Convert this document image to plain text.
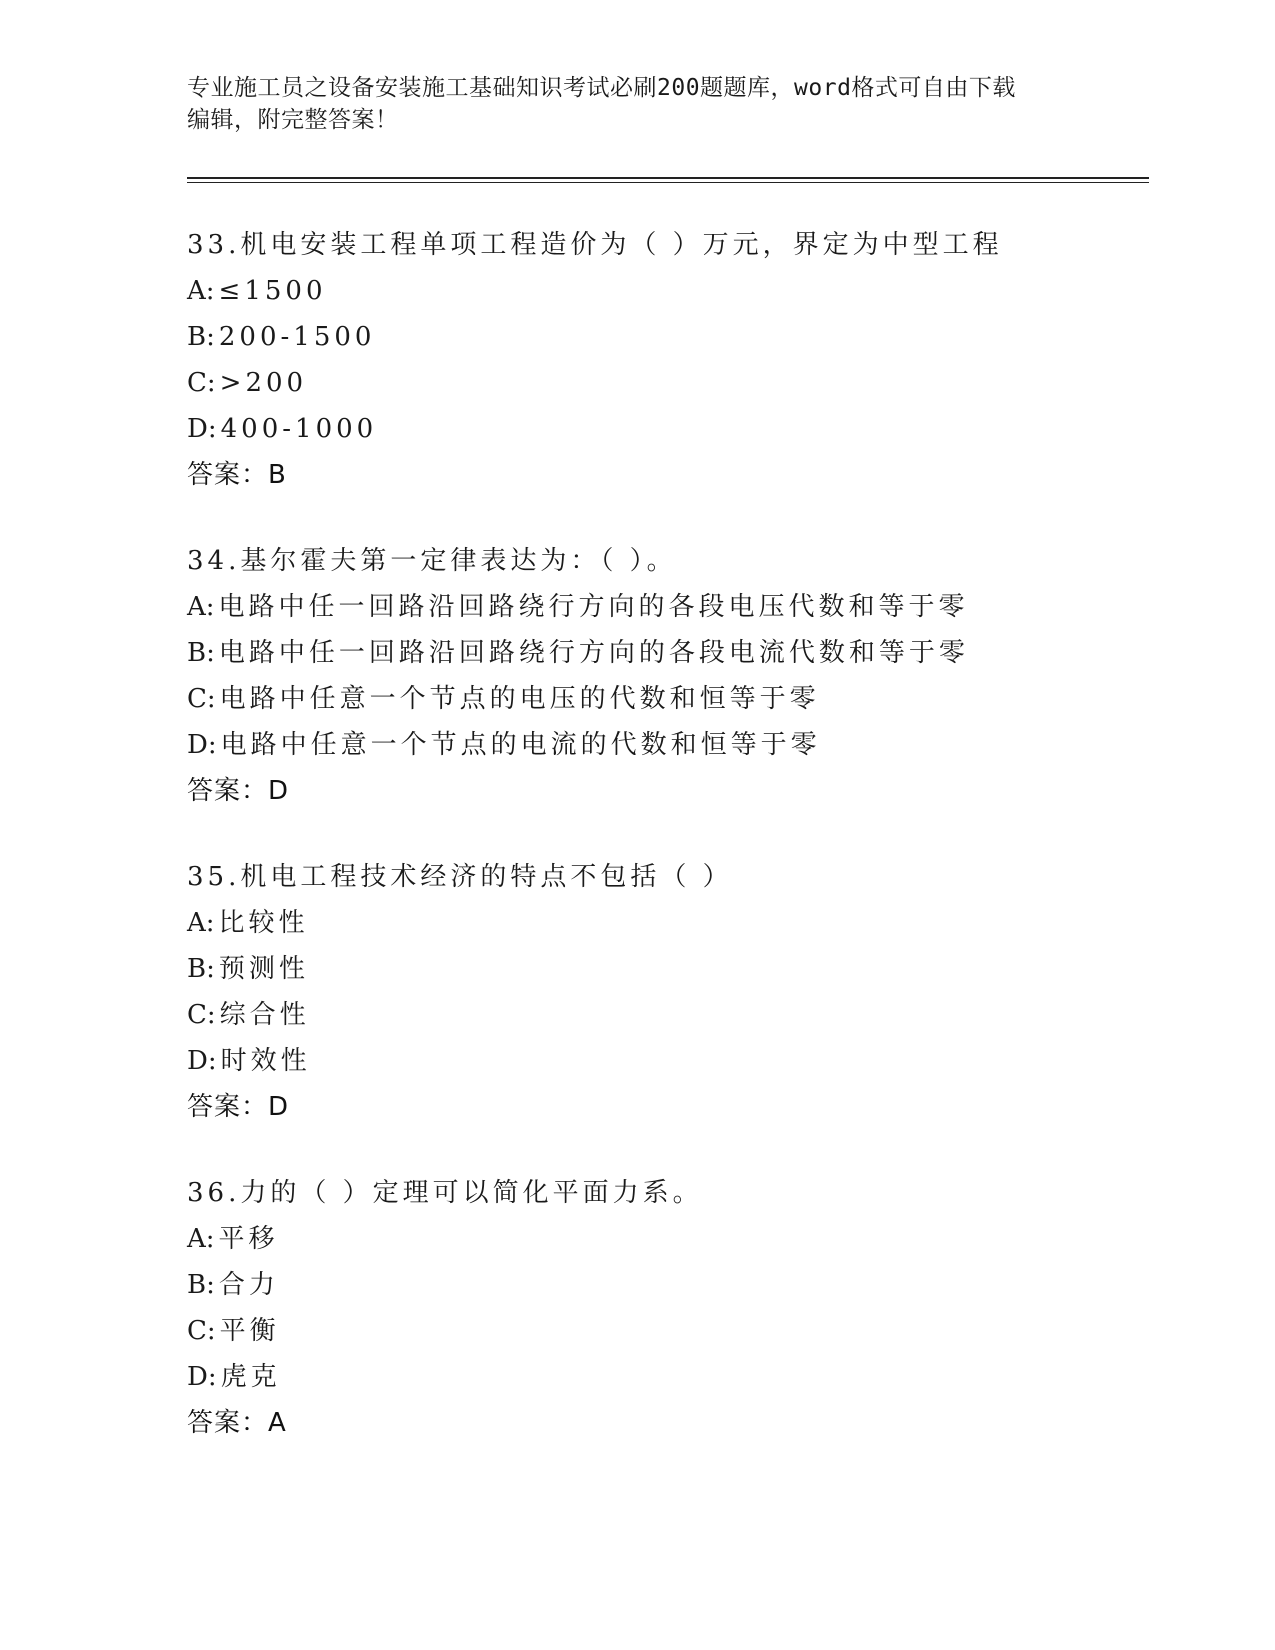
专业施工员之设备安装施工基础知识考试必刷200题题库，word格式可自由下载
编辑，附完整答案！
33.机电安装工程单项工程造价为（ ）万元，界定为中型工程
A: ≤1500
B: 200-1500
C: >200
D: 400-1000
答案：B
34.基尔霍夫第一定律表达为：（ ）。
A: 电路中任一回路沿回路绕行方向的各段电压代数和等于零
B: 电路中任一回路沿回路绕行方向的各段电流代数和等于零
C: 电路中任意一个节点的电压的代数和恒等于零
D: 电路中任意一个节点的电流的代数和恒等于零
答案：D
35.机电工程技术经济的特点不包括（ ）
A: 比较性
B: 预测性
C: 综合性
D: 时效性
答案：D
36.力的（ ）定理可以简化平面力系。
A: 平移
B: 合力
C: 平衡
D: 虎克
答案：A
